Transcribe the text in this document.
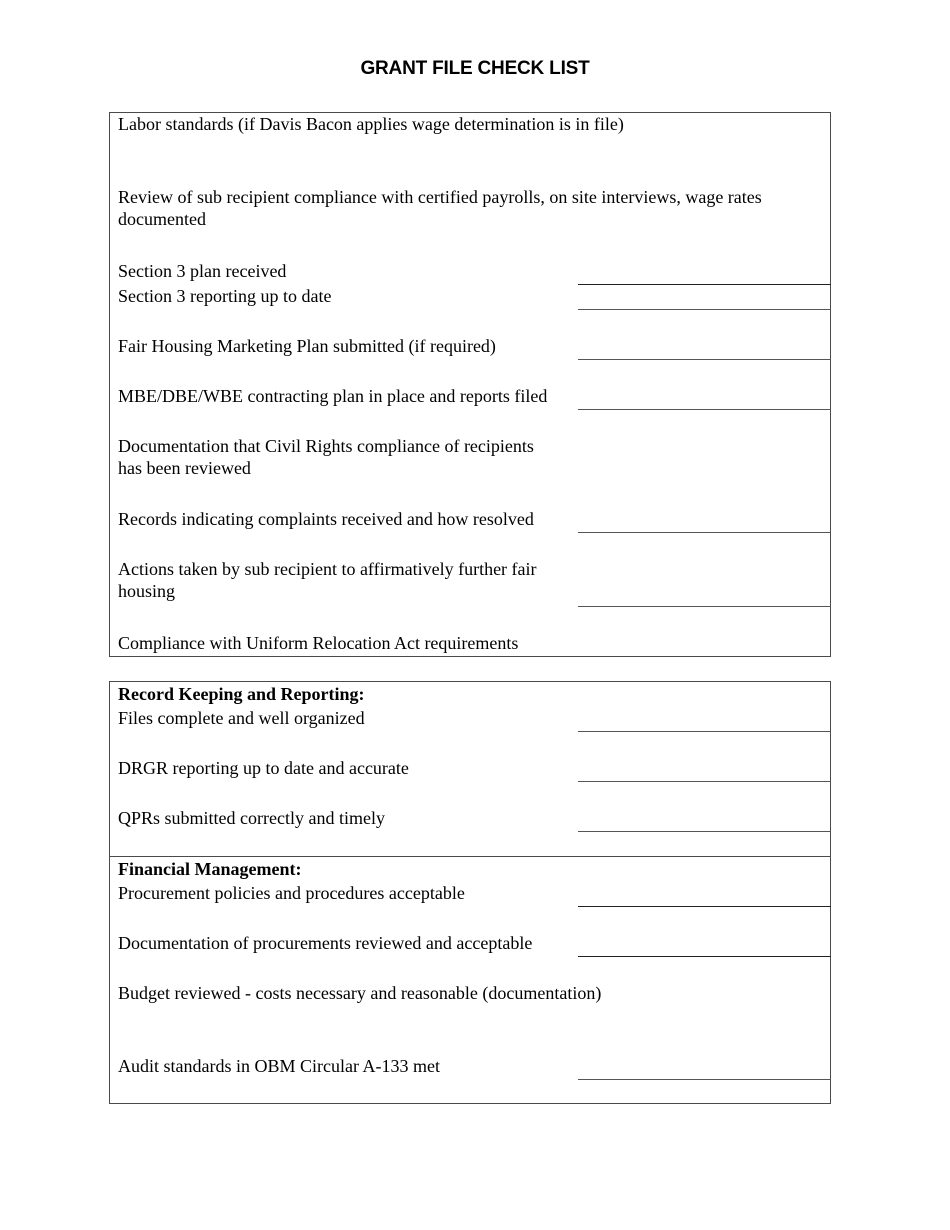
GRANT FILE CHECK LIST
Labor standards (if Davis Bacon applies wage determination is in file)
Review of sub recipient compliance with certified payrolls, on site interviews, wage rates
documented
Section 3 plan received
Section 3 reporting up to date
Fair Housing Marketing Plan submitted (if required)
MBE/DBE/WBE contracting plan in place and reports filed
Documentation that Civil Rights compliance of recipients
has been reviewed
Records indicating complaints received and how resolved
Actions taken by sub recipient to affirmatively further fair
housing
Compliance with Uniform Relocation Act requirements
Record Keeping and Reporting:
Files complete and well organized
DRGR reporting up to date and accurate
QPRs submitted correctly and timely
Financial Management:
Procurement policies and procedures acceptable
Documentation of procurements reviewed and acceptable
Budget reviewed - costs necessary and reasonable (documentation)
Audit standards in OBM Circular A-133 met
